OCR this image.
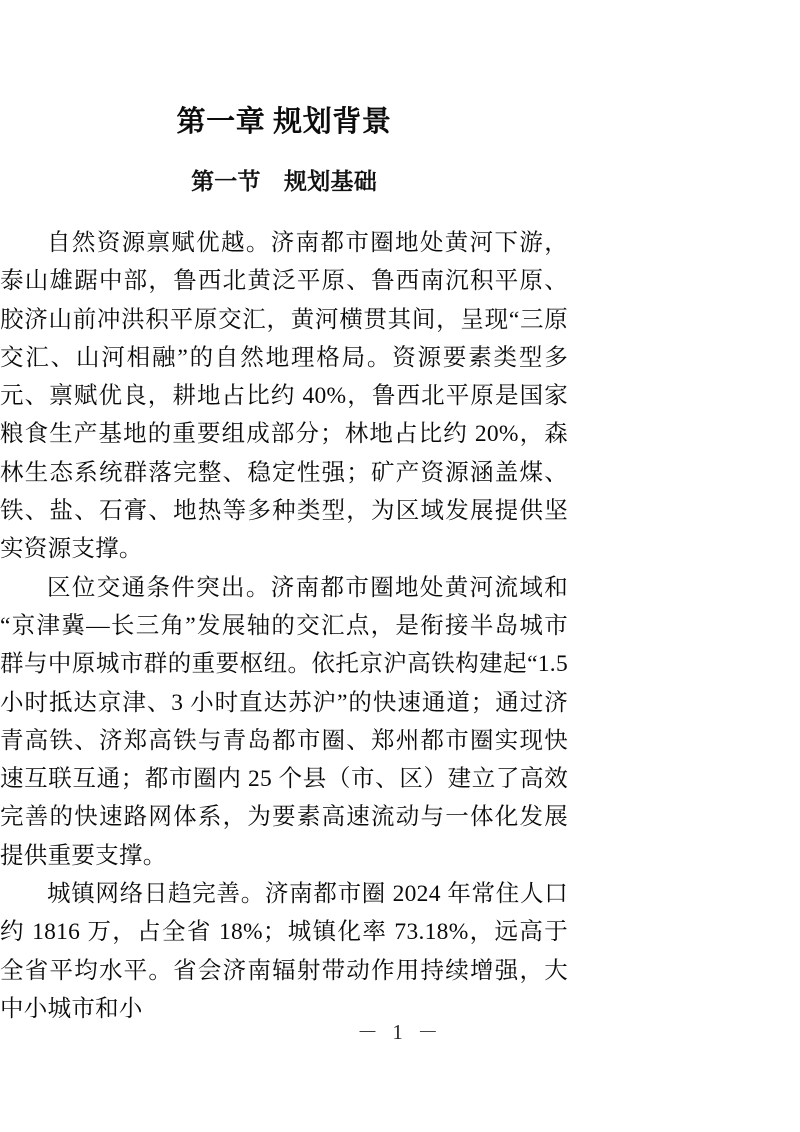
第一章 规划背景
第一节　规划基础

自然资源禀赋优越。济南都市圈地处黄河下游，泰山雄踞中部，鲁西北黄泛平原、鲁西南沉积平原、胶济山前冲洪积平原交汇，黄河横贯其间，呈现“三原交汇、山河相融”的自然地理格局。资源要素类型多元、禀赋优良，耕地占比约 40%，鲁西北平原是国家粮食生产基地的重要组成部分；林地占比约 20%，森林生态系统群落完整、稳定性强；矿产资源涵盖煤、铁、盐、石膏、地热等多种类型，为区域发展提供坚实资源支撑。

区位交通条件突出。济南都市圈地处黄河流域和“京津冀—长三角”发展轴的交汇点，是衔接半岛城市群与中原城市群的重要枢纽。依托京沪高铁构建起“1.5 小时抵达京津、3 小时直达苏沪”的快速通道；通过济青高铁、济郑高铁与青岛都市圈、郑州都市圈实现快速互联互通；都市圈内 25 个县（市、区）建立了高效完善的快速路网体系，为要素高速流动与一体化发展提供重要支撑。

城镇网络日趋完善。济南都市圈 2024 年常住人口约 1816 万，占全省 18%；城镇化率 73.18%，远高于全省平均水平。省会济南辐射带动作用持续增强，大中小城市和小

－ 1 －
